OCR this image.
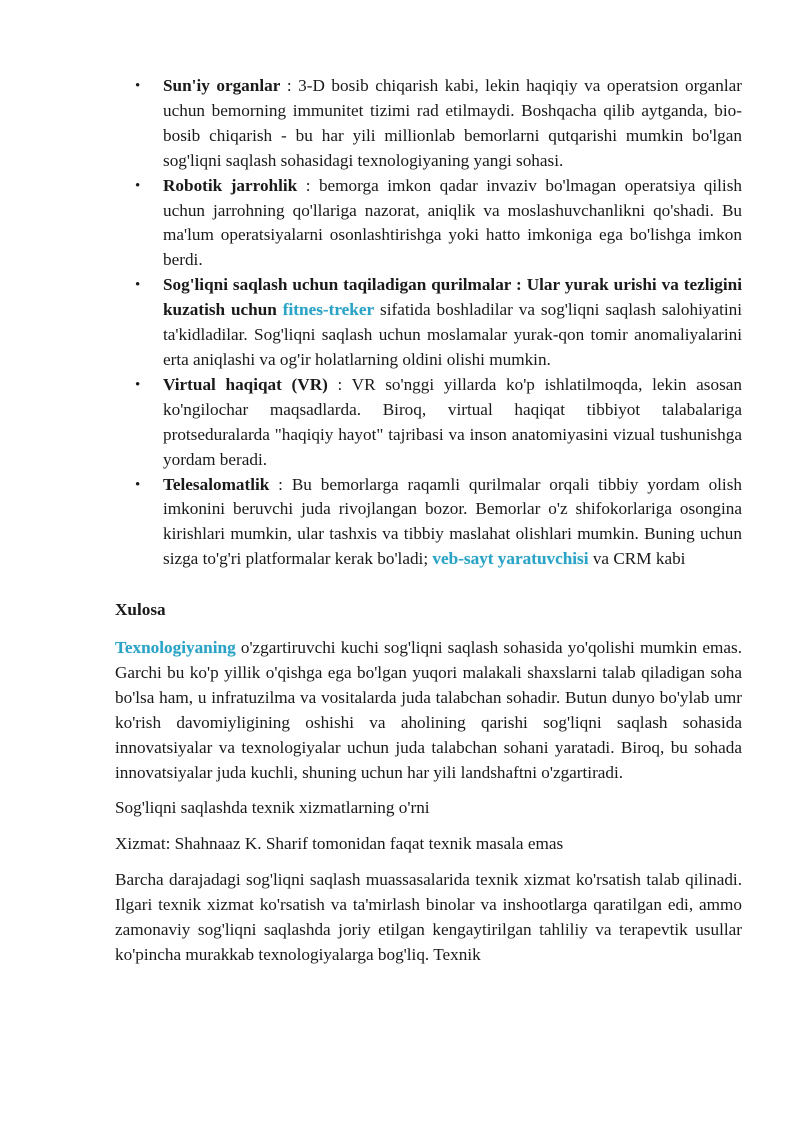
• Sun'iy organlar : 3-D bosib chiqarish kabi, lekin haqiqiy va operatsion organlar uchun bemorning immunitet tizimi rad etilmaydi. Boshqacha qilib aytganda, bio-bosib chiqarish - bu har yili millionlab bemorlarni qutqarishi mumkin bo'lgan sog'liqni saqlash sohasidagi texnologiyaning yangi sohasi.
• Robotik jarrohlik : bemorga imkon qadar invaziv bo'lmagan operatsiya qilish uchun jarrohning qo'llariga nazorat, aniqlik va moslashuvchanlikni qo'shadi. Bu ma'lum operatsiyalarni osonlashtirishga yoki hatto imkoniga ega bo'lishga imkon berdi.
• Sog'liqni saqlash uchun taqiladigan qurilmalar : Ular yurak urishi va tezligini kuzatish uchun fitnes-treker sifatida boshladilar va sog'liqni saqlash salohiyatini ta'kidladilar. Sog'liqni saqlash uchun moslamalar yurak-qon tomir anomaliyalarini erta aniqlashi va og'ir holatlarning oldini olishi mumkin.
• Virtual haqiqat (VR) : VR so'nggi yillarda ko'p ishlatilmoqda, lekin asosan ko'ngilochar maqsadlarda. Biroq, virtual haqiqat tibbiyot talabalariga protseduralarda "haqiqiy hayot" tajribasi va inson anatomiyasini vizual tushunishga yordam beradi.
• Telesalomatlik : Bu bemorlarga raqamli qurilmalar orqali tibbiy yordam olish imkonini beruvchi juda rivojlangan bozor. Bemorlar o'z shifokorlariga osongina kirishlari mumkin, ular tashxis va tibbiy maslahat olishlari mumkin. Buning uchun sizga to'g'ri platformalar kerak bo'ladi; veb-sayt yaratuvchisi va CRM kabi
Xulosa

Texnologiyaning o'zgartiruvchi kuchi sog'liqni saqlash sohasida yo'qolishi mumkin emas. Garchi bu ko'p yillik o'qishga ega bo'lgan yuqori malakali shaxslarni talab qiladigan soha bo'lsa ham, u infratuzilma va vositalarda juda talabchan sohadir. Butun dunyo bo'ylab umr ko'rish davomiyligining oshishi va aholining qarishi sog'liqni saqlash sohasida innovatsiyalar va texnologiyalar uchun juda talabchan sohani yaratadi. Biroq, bu sohada innovatsiyalar juda kuchli, shuning uchun har yili landshaftni o'zgartiradi.

Sog'liqni saqlashda texnik xizmatlarning o'rni

Xizmat: Shahnaaz K. Sharif tomonidan faqat texnik masala emas

Barcha darajadagi sog'liqni saqlash muassasalarida texnik xizmat ko'rsatish talab qilinadi. Ilgari texnik xizmat ko'rsatish va ta'mirlash binolar va inshootlarga qaratilgan edi, ammo zamonaviy sog'liqni saqlashda joriy etilgan kengaytirilgan tahliliy va terapevtik usullar ko'pincha murakkab texnologiyalarga bog'liq. Texnik
